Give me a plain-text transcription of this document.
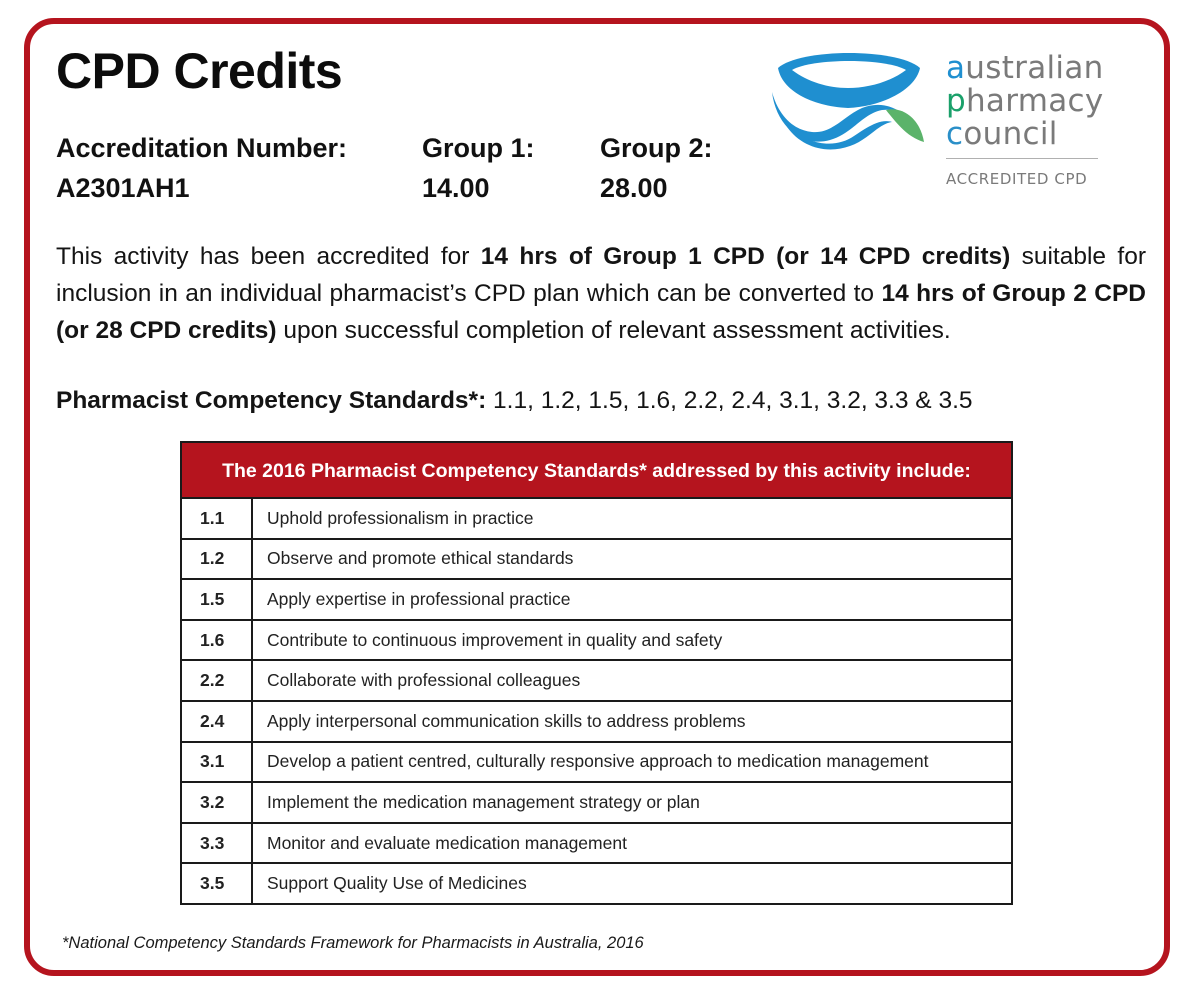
CPD Credits
Accreditation Number:
A2301AH1
Group 1:
14.00
Group 2:
28.00
australian
pharmacy
council
ACCREDITED CPD
This activity has been accredited for 14 hrs of Group 1 CPD (or 14 CPD credits) suitable for inclusion in an individual pharmacist’s CPD plan which can be converted to 14 hrs of Group 2 CPD (or 28 CPD credits) upon successful completion of relevant assessment activities.
Pharmacist Competency Standards*: 1.1, 1.2, 1.5, 1.6, 2.2, 2.4, 3.1, 3.2, 3.3 & 3.5
The 2016 Pharmacist Competency Standards* addressed by this activity include:
1.1	Uphold professionalism in practice
1.2	Observe and promote ethical standards
1.5	Apply expertise in professional practice
1.6	Contribute to continuous improvement in quality and safety
2.2	Collaborate with professional colleagues
2.4	Apply interpersonal communication skills to address problems
3.1	Develop a patient centred, culturally responsive approach to medication management
3.2	Implement the medication management strategy or plan
3.3	Monitor and evaluate medication management
3.5	Support Quality Use of Medicines
*National Competency Standards Framework for Pharmacists in Australia, 2016
